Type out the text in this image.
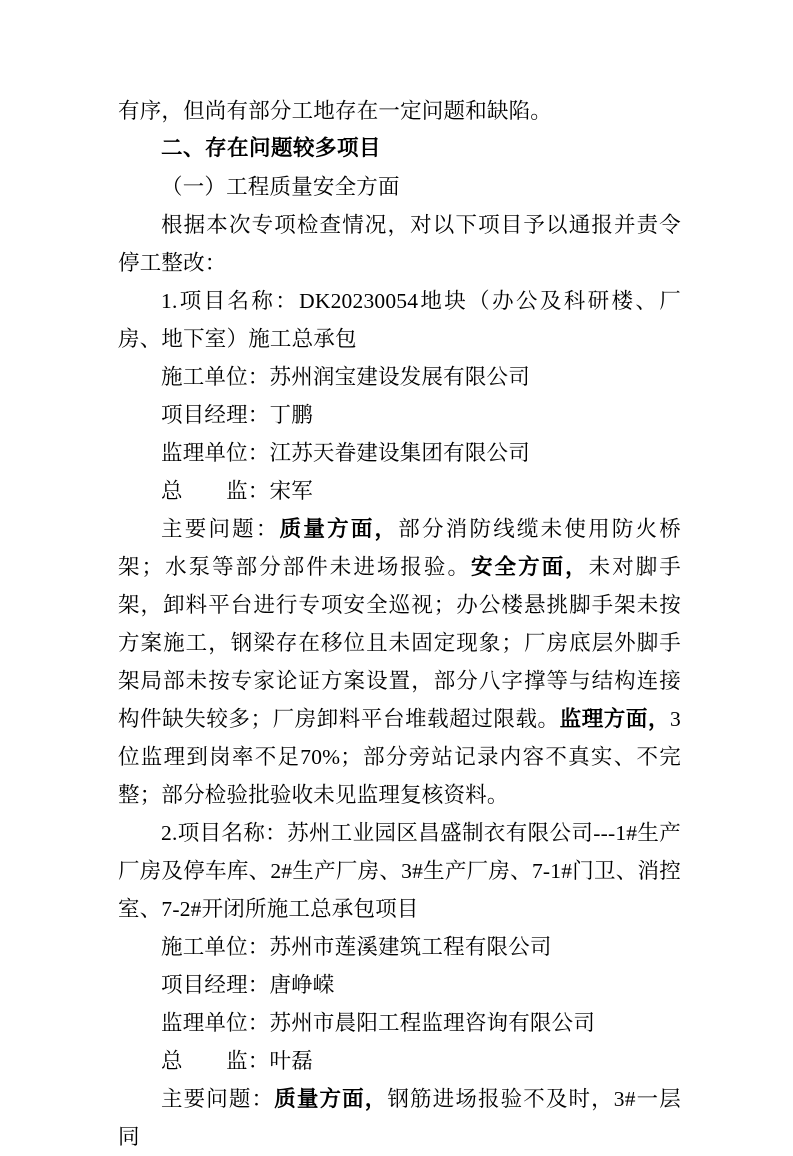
有序，但尚有部分工地存在一定问题和缺陷。

二、存在问题较多项目

（一）工程质量安全方面

根据本次专项检查情况，对以下项目予以通报并责令停工整改：

1.项目名称：DK20230054地块（办公及科研楼、厂房、地下室）施工总承包

施工单位：苏州润宝建设发展有限公司

项目经理：丁鹏

监理单位：江苏天眷建设集团有限公司

总　　监：宋军

主要问题：质量方面，部分消防线缆未使用防火桥架；水泵等部分部件未进场报验。安全方面，未对脚手架，卸料平台进行专项安全巡视；办公楼悬挑脚手架未按方案施工，钢梁存在移位且未固定现象；厂房底层外脚手架局部未按专家论证方案设置，部分八字撑等与结构连接构件缺失较多；厂房卸料平台堆载超过限载。监理方面，3位监理到岗率不足70%；部分旁站记录内容不真实、不完整；部分检验批验收未见监理复核资料。

2.项目名称：苏州工业园区昌盛制衣有限公司---1#生产厂房及停车库、2#生产厂房、3#生产厂房、7-1#门卫、消控室、7-2#开闭所施工总承包项目

施工单位：苏州市莲溪建筑工程有限公司

项目经理：唐峥嵘

监理单位：苏州市晨阳工程监理咨询有限公司

总　　监：叶磊

主要问题：质量方面，钢筋进场报验不及时，3#一层同
